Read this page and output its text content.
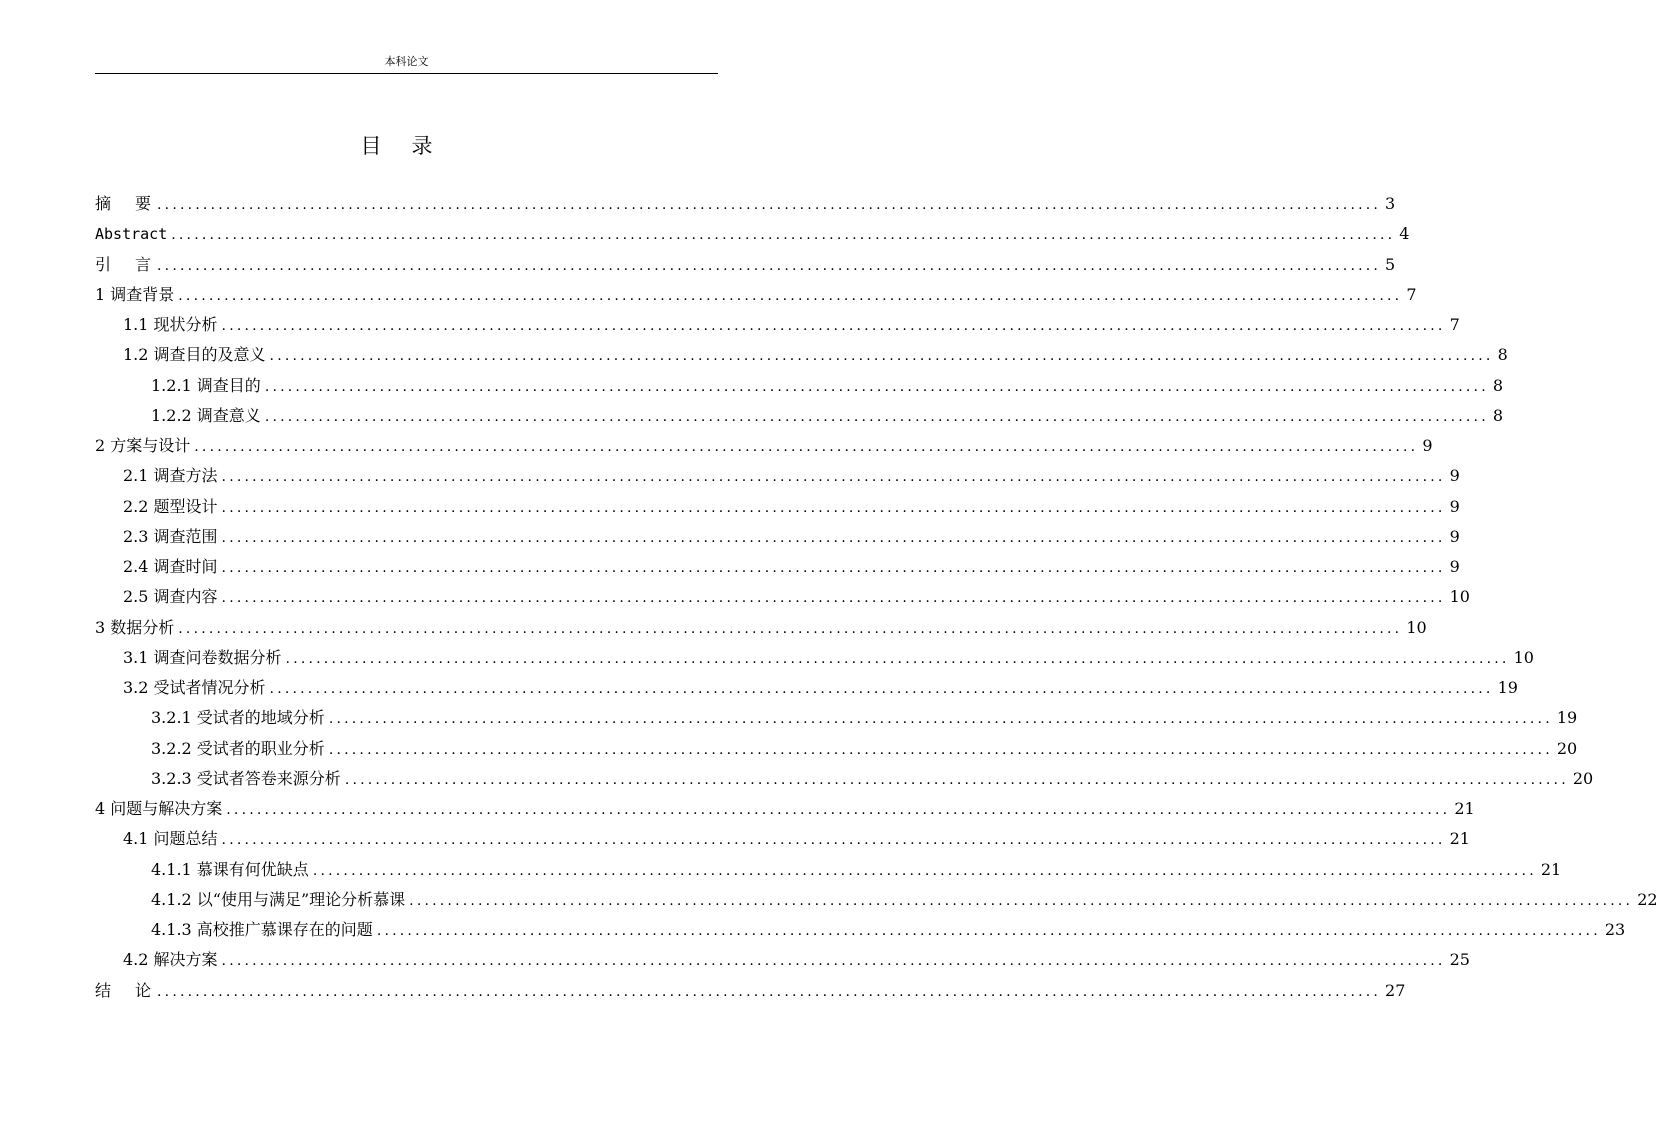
本科论文
目录
摘要
................................................................................................................................................................ 3
Abstract ................................................................................................................................................................ 4
引言
................................................................................................................................................................ 5
1 调查背景 ................................................................................................................................................................ 7
1.1 现状分析 ................................................................................................................................................................ 7
1.2 调查目的及意义 ................................................................................................................................................................ 8
1.2.1 调查目的 ................................................................................................................................................................ 8
1.2.2 调查意义 ................................................................................................................................................................ 8
2 方案与设计 ................................................................................................................................................................ 9
2.1 调查方法 ................................................................................................................................................................ 9
2.2 题型设计 ................................................................................................................................................................ 9
2.3 调查范围 ................................................................................................................................................................ 9
2.4 调查时间 ................................................................................................................................................................ 9
2.5 调查内容 ................................................................................................................................................................ 10
3 数据分析 ................................................................................................................................................................ 10
3.1 调查问卷数据分析 ................................................................................................................................................................ 10
3.2 受试者情况分析 ................................................................................................................................................................ 19
3.2.1 受试者的地域分析 ................................................................................................................................................................ 19
3.2.2 受试者的职业分析 ................................................................................................................................................................ 20
3.2.3 受试者答卷来源分析 ................................................................................................................................................................ 20
4 问题与解决方案 ................................................................................................................................................................ 21
4.1 问题总结 ................................................................................................................................................................ 21
4.1.1 慕课有何优缺点 ................................................................................................................................................................ 21
4.1.2 以“使用与满足”理论分析慕课 ................................................................................................................................................................ 22
4.1.3 高校推广慕课存在的问题 ................................................................................................................................................................ 23
4.2 解决方案 ................................................................................................................................................................ 25
结论
................................................................................................................................................................ 27
